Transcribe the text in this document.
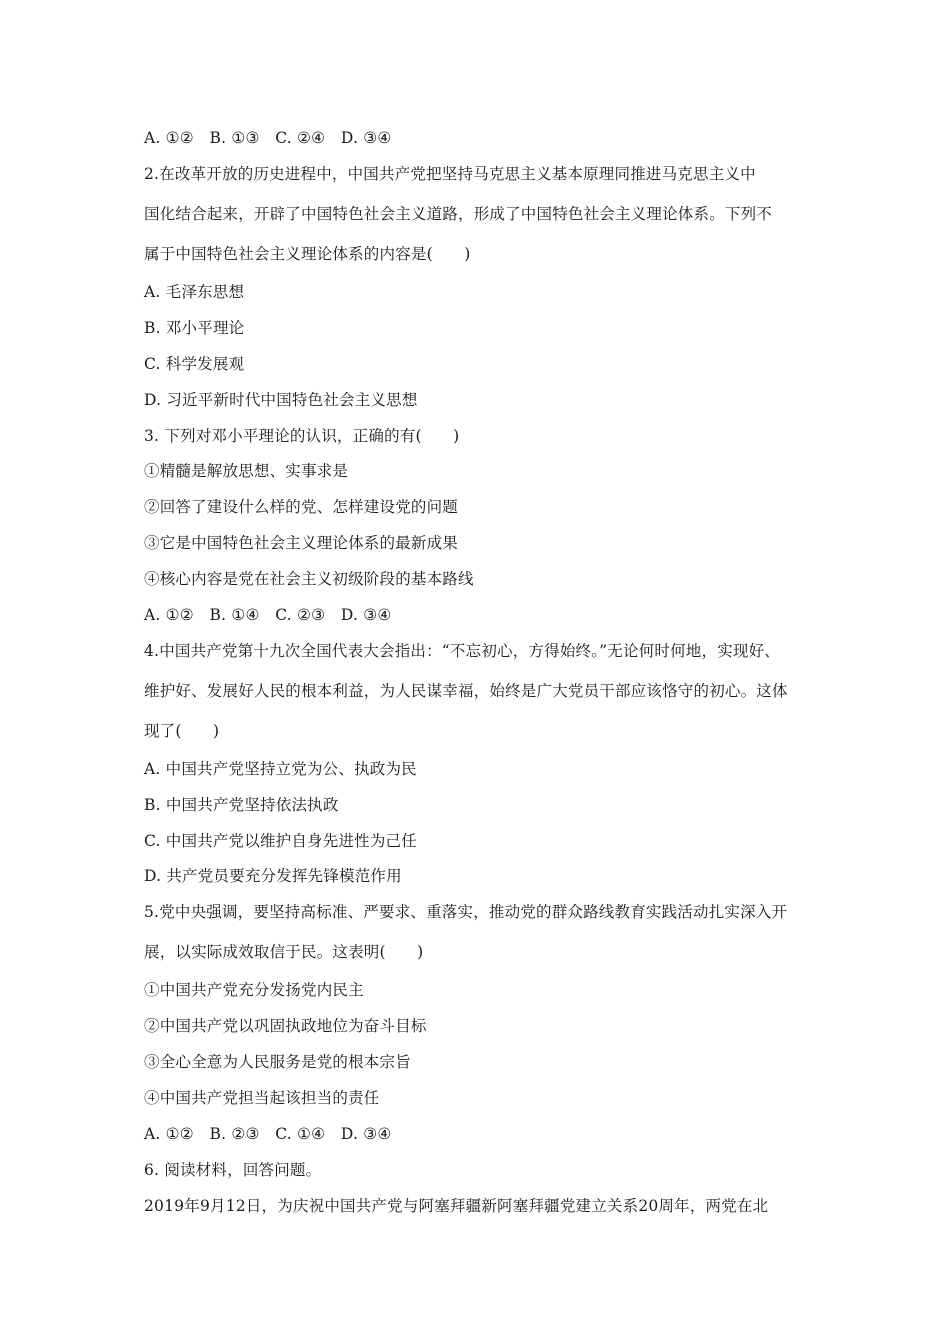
A. ①②　B. ①③　C. ②④　D. ③④
2.在改革开放的历史进程中，中国共产党把坚持马克思主义基本原理同推进马克思主义中
国化结合起来，开辟了中国特色社会主义道路，形成了中国特色社会主义理论体系。下列不
属于中国特色社会主义理论体系的内容是(　　)
A. 毛泽东思想
B. 邓小平理论
C. 科学发展观
D. 习近平新时代中国特色社会主义思想
3. 下列对邓小平理论的认识，正确的有(　　)
①精髓是解放思想、实事求是
②回答了建设什么样的党、怎样建设党的问题
③它是中国特色社会主义理论体系的最新成果
④核心内容是党在社会主义初级阶段的基本路线
A. ①②　B. ①④　C. ②③　D. ③④
4.中国共产党第十九次全国代表大会指出：“不忘初心，方得始终。”无论何时何地，实现好、
维护好、发展好人民的根本利益，为人民谋幸福，始终是广大党员干部应该恪守的初心。这体
现了(　　)
A. 中国共产党坚持立党为公、执政为民
B. 中国共产党坚持依法执政
C. 中国共产党以维护自身先进性为己任
D. 共产党员要充分发挥先锋模范作用
5.党中央强调，要坚持高标准、严要求、重落实，推动党的群众路线教育实践活动扎实深入开
展，以实际成效取信于民。这表明(　　)
①中国共产党充分发扬党内民主
②中国共产党以巩固执政地位为奋斗目标
③全心全意为人民服务是党的根本宗旨
④中国共产党担当起该担当的责任
A. ①②　B. ②③　C. ①④　D. ③④
6. 阅读材料，回答问题。
2019年9月12日，为庆祝中国共产党与阿塞拜疆新阿塞拜疆党建立关系20周年，两党在北
